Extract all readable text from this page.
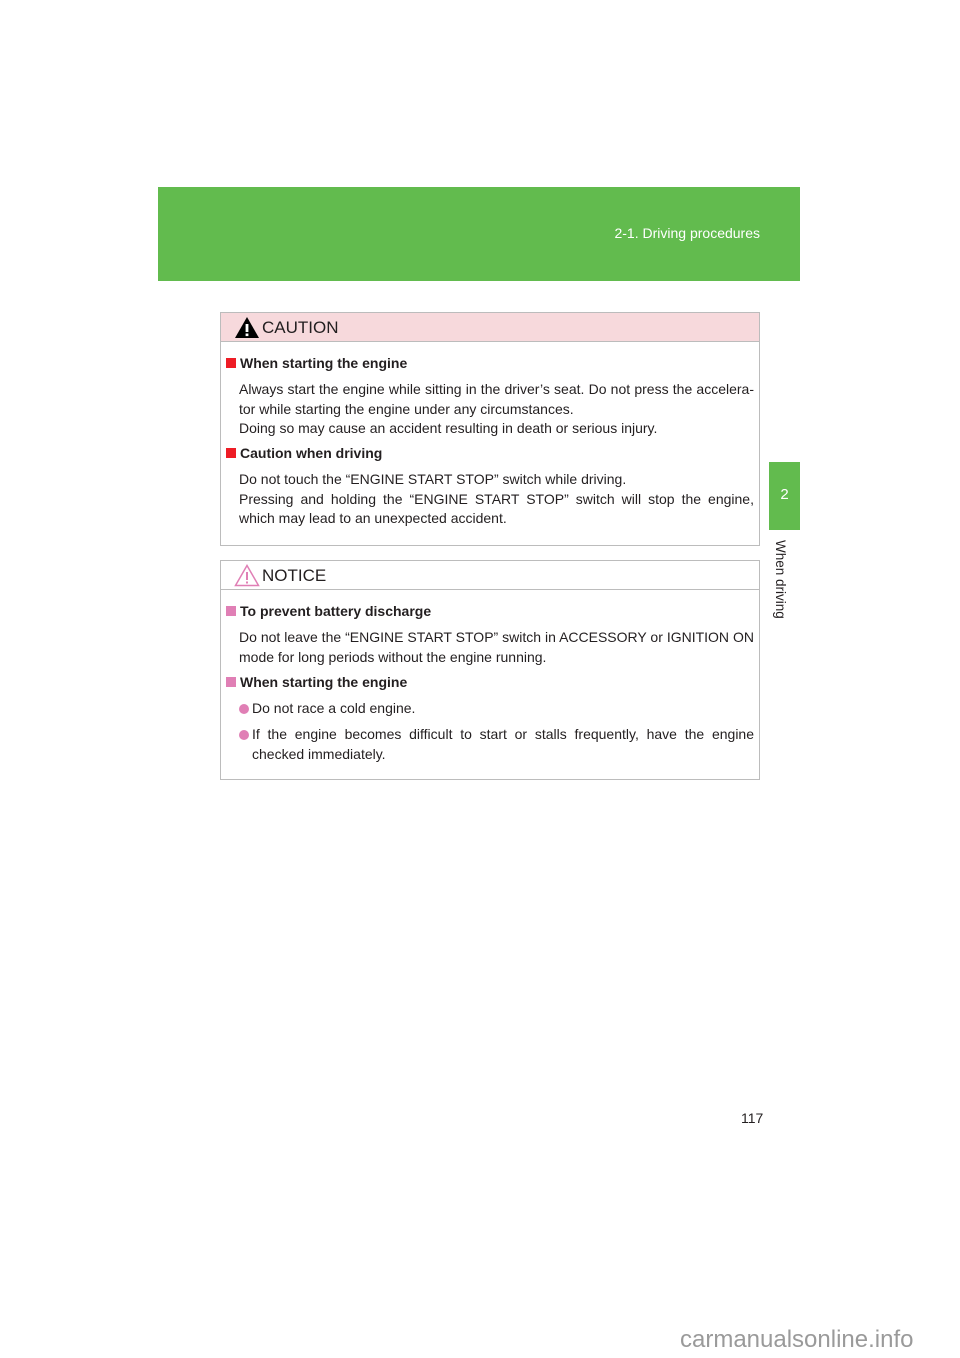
2-1. Driving procedures
2
When driving
CAUTION
When starting the engine
Always start the engine while sitting in the driver’s seat. Do not press the accelera-tor while starting the engine under any circumstances.
Doing so may cause an accident resulting in death or serious injury.
Caution when driving
Do not touch the “ENGINE START STOP” switch while driving.
Pressing and holding the “ENGINE START STOP” switch will stop the engine, which may lead to an unexpected accident.
NOTICE
To prevent battery discharge
Do not leave the “ENGINE START STOP” switch in ACCESSORY or IGNITION ON mode for long periods without the engine running.
When starting the engine
Do not race a cold engine.
If the engine becomes difficult to start or stalls frequently, have the engine checked immediately.
117
carmanualsonline.info
